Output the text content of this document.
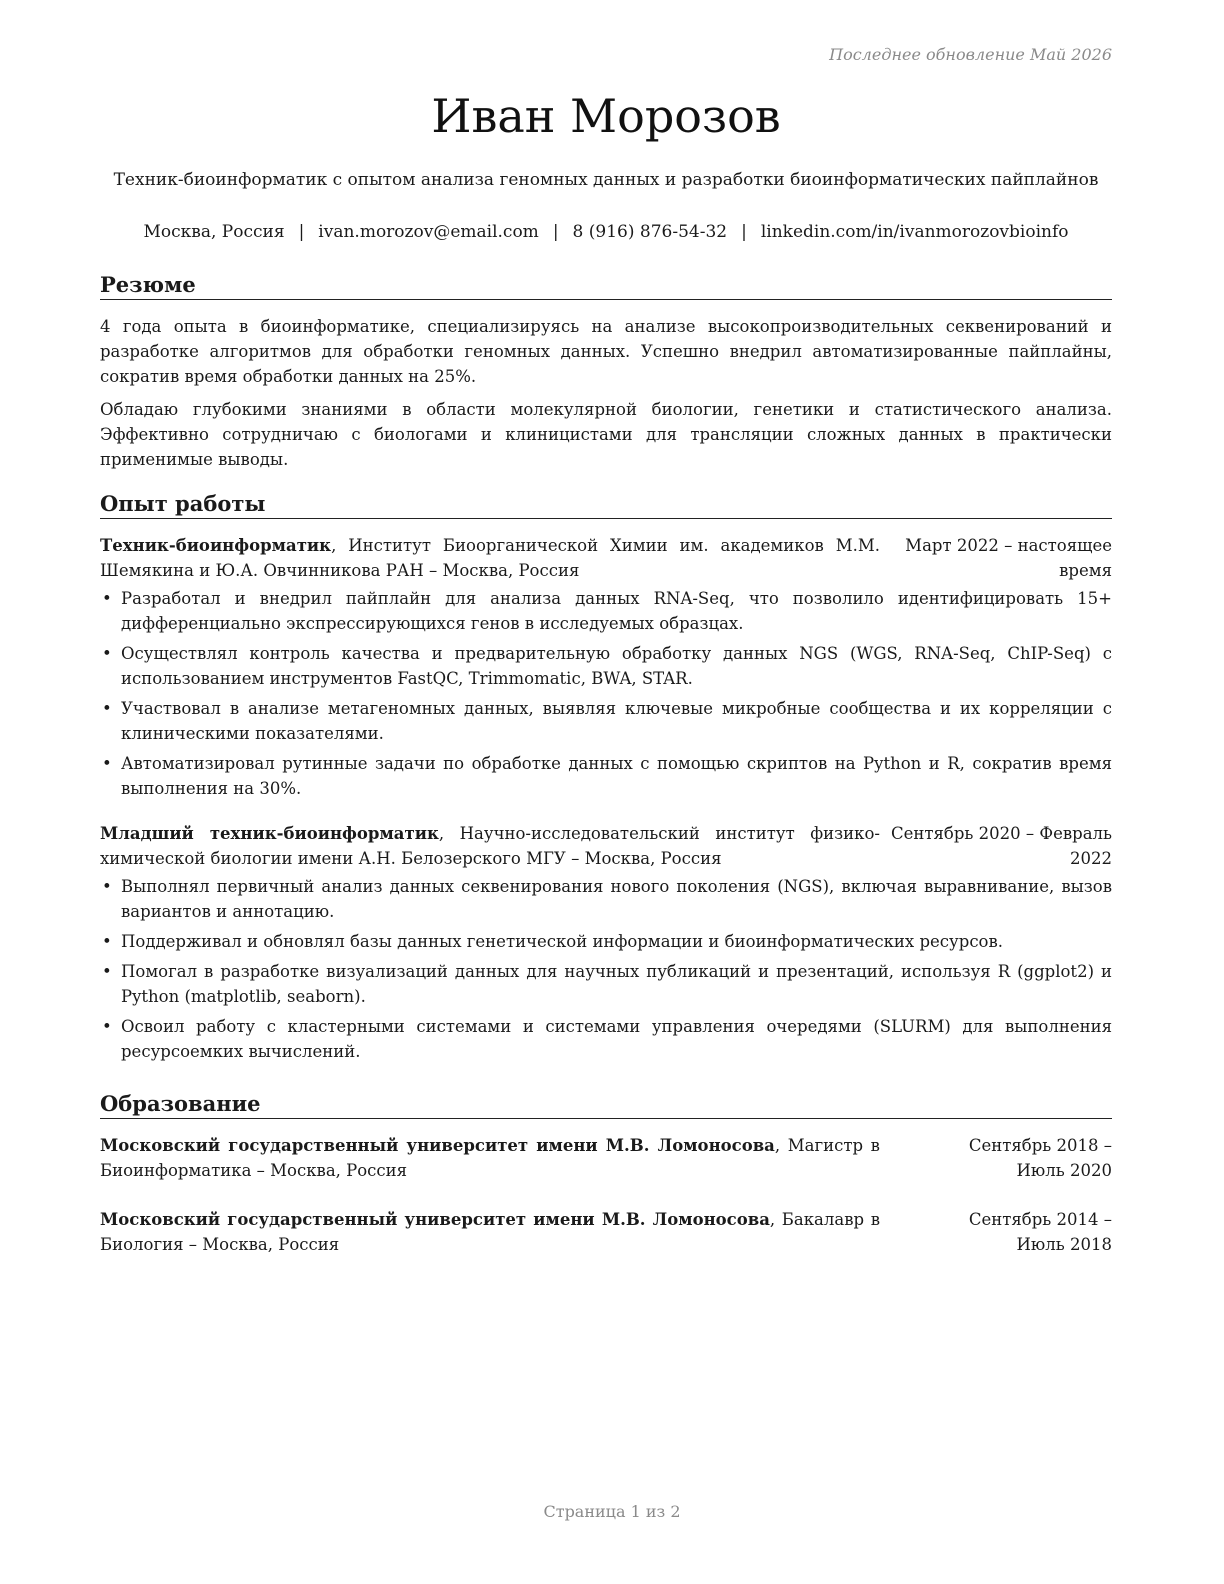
Последнее обновление Май 2026
Иван Морозов
Техник-биоинформатик с опытом анализа геномных данных и разработки биоинформатических пайплайнов
Москва, Россия | ivan.morozov@email.com | 8 (916) 876-54-32 | linkedin.com/in/ivanmorozovbioinfo
Резюме

4 года опыта в биоинформатике, специализируясь на анализе высокопроизводительных секвенирований и разработке алгоритмов для обработки геномных данных. Успешно внедрил автоматизированные пайплайны, сократив время обработки данных на 25%.

Обладаю глубокими знаниями в области молекулярной биологии, генетики и статистического анализа. Эффективно сотрудничаю с биологами и клиницистами для трансляции сложных данных в практически применимые выводы.

Опыт работы
Техник-биоинформатик, Институт Биоорганической Химии им. академиков М.М. Шемякина и Ю.А. Овчинникова РАН – Москва, Россия
Март 2022 – настоящее время
• Разработал и внедрил пайплайн для анализа данных RNA-Seq, что позволило идентифицировать 15+ дифференциально экспрессирующихся генов в исследуемых образцах.
• Осуществлял контроль качества и предварительную обработку данных NGS (WGS, RNA-Seq, ChIP-Seq) с использованием инструментов FastQC, Trimmomatic, BWA, STAR.
• Участвовал в анализе метагеномных данных, выявляя ключевые микробные сообщества и их корреляции с клиническими показателями.
• Автоматизировал рутинные задачи по обработке данных с помощью скриптов на Python и R, сократив время выполнения на 30%.
Младший техник-биоинформатик, Научно-исследовательский институт физико-химической биологии имени А.Н. Белозерского МГУ – Москва, Россия
Сентябрь 2020 – Февраль 2022
• Выполнял первичный анализ данных секвенирования нового поколения (NGS), включая выравнивание, вызов вариантов и аннотацию.
• Поддерживал и обновлял базы данных генетической информации и биоинформатических ресурсов.
• Помогал в разработке визуализаций данных для научных публикаций и презентаций, используя R (ggplot2) и Python (matplotlib, seaborn).
• Освоил работу с кластерными системами и системами управления очередями (SLURM) для выполнения ресурсоемких вычислений.
Образование
Московский государственный университет имени М.В. Ломоносова, Магистр в Биоинформатика – Москва, Россия
Сентябрь 2018 – Июль 2020
Московский государственный университет имени М.В. Ломоносова, Бакалавр в Биология – Москва, Россия
Сентябрь 2014 – Июль 2018
Страница 1 из 2
